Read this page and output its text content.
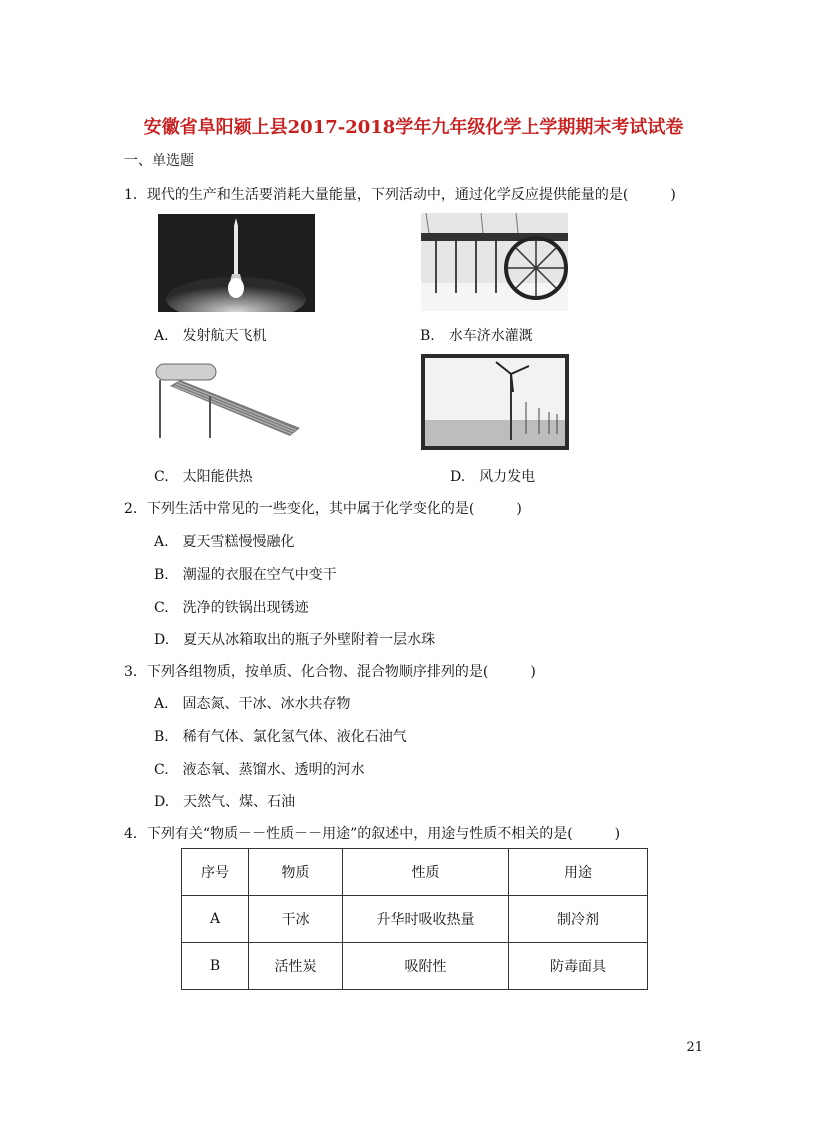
安徽省阜阳颍上县2017-2018学年九年级化学上学期期末考试试卷
一、单选题
1．现代的生产和生活要消耗大量能量，下列活动中，通过化学反应提供能量的是(　　　)
A.　发射航天飞机	B.　水车济水灌溉
C.　太阳能供热	D.　风力发电
2．下列生活中常见的一些变化，其中属于化学变化的是(　　　)
A.　夏天雪糕慢慢融化
B.　潮湿的衣服在空气中变干
C.　洗净的铁锅出现锈迹
D.　夏天从冰箱取出的瓶子外壁附着一层水珠
3．下列各组物质，按单质、化合物、混合物顺序排列的是(　　　)
A.　固态氮、干冰、冰水共存物
B.　稀有气体、氯化氢气体、液化石油气
C.　液态氧、蒸馏水、透明的河水
D.　天然气、煤、石油
4．下列有关“物质－－性质－－用途”的叙述中，用途与性质不相关的是(　　　)
序号	物质	性质	用途
A	干冰	升华时吸收热量	制冷剂
B	活性炭	吸附性	防毒面具
21
